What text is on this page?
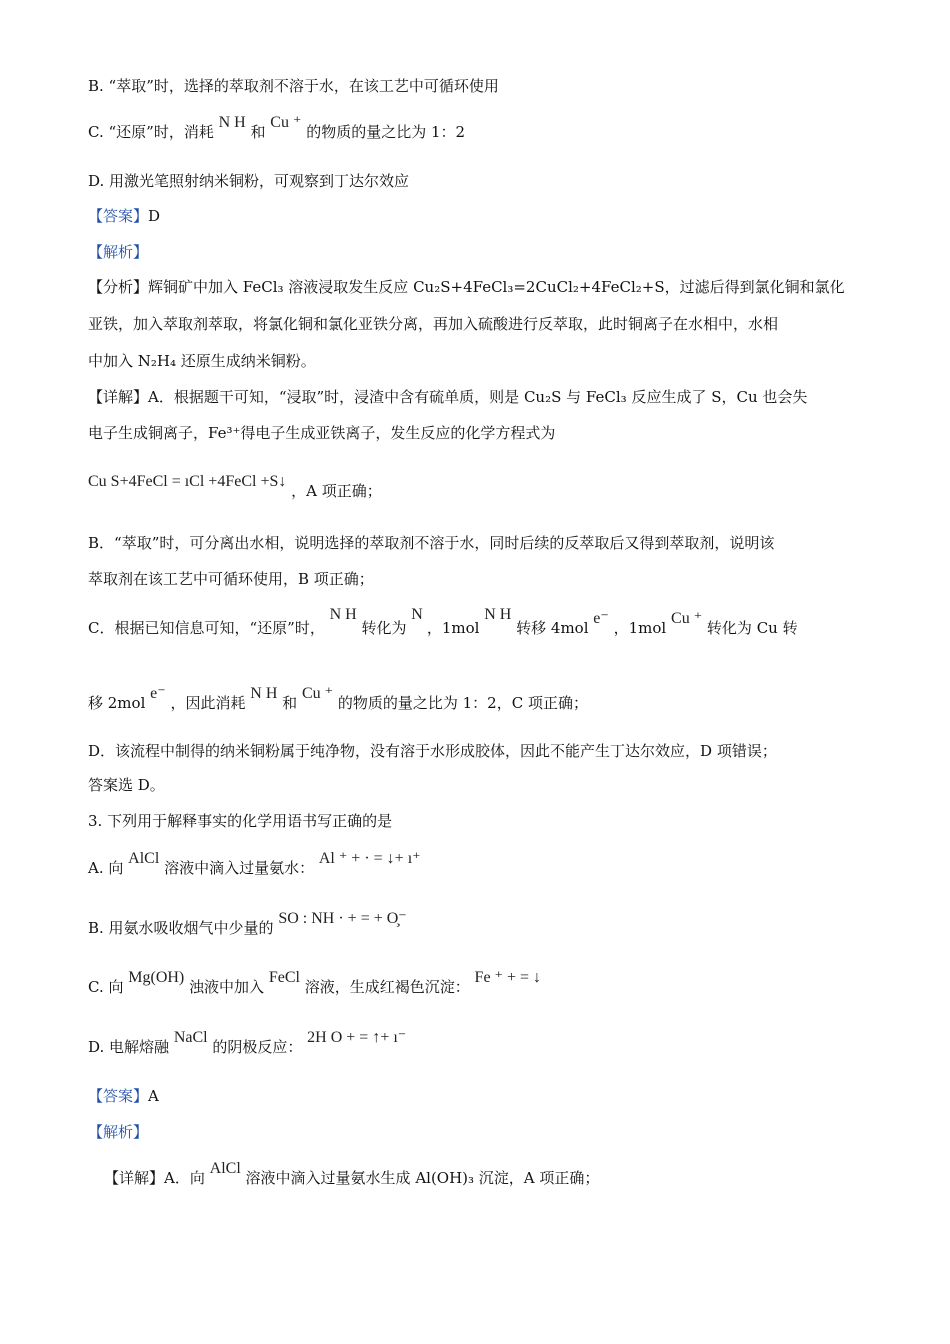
B. “萃取”时，选择的萃取剂不溶于水，在该工艺中可循环使用
C. “还原”时，消耗 N H 和 Cu ⁺ 的物质的量之比为 1：2
D. 用激光笔照射纳米铜粉，可观察到丁达尔效应
【答案】D
【解析】
【分析】辉铜矿中加入 FeCl₃ 溶液浸取发生反应 Cu₂S+4FeCl₃=2CuCl₂+4FeCl₂+S，过滤后得到氯化铜和氯化
亚铁，加入萃取剂萃取，将氯化铜和氯化亚铁分离，再加入硫酸进行反萃取，此时铜离子在水相中，水相
中加入 N₂H₄ 还原生成纳米铜粉。
【详解】A．根据题干可知，“浸取”时，浸渣中含有硫单质，则是 Cu₂S 与 FeCl₃ 反应生成了 S，Cu 也会失
电子生成铜离子，Fe³⁺得电子生成亚铁离子，发生反应的化学方程式为
Cu S+4FeCl = ıCl +4FeCl +S↓ ，A 项正确；
B．“萃取”时，可分离出水相，说明选择的萃取剂不溶于水，同时后续的反萃取后又得到萃取剂，说明该
萃取剂在该工艺中可循环使用，B 项正确；
C．根据已知信息可知，“还原”时， N H 转化为 N ，1mol N H 转移 4mol e⁻ ，1mol Cu ⁺ 转化为 Cu 转
移 2mol e⁻ ，因此消耗 N H 和 Cu ⁺ 的物质的量之比为 1：2，C 项正确；
D．该流程中制得的纳米铜粉属于纯净物，没有溶于水形成胶体，因此不能产生丁达尔效应，D 项错误；
答案选 D。
3. 下列用于解释事实的化学用语书写正确的是
A. 向 AlCl 溶液中滴入过量氨水： Al ⁺ + · = ↓+ ı⁺
B. 用氨水吸收烟气中少量的 SO : NH · + = + O̧⁻
C. 向 Mg(OH) 浊液中加入 FeCl 溶液，生成红褐色沉淀： Fe ⁺ + = ↓
D. 电解熔融 NaCl 的阴极反应： 2H O + = ↑+ ı⁻
【答案】A
【解析】
【详解】A．向 AlCl 溶液中滴入过量氨水生成 Al(OH)₃ 沉淀，A 项正确；
